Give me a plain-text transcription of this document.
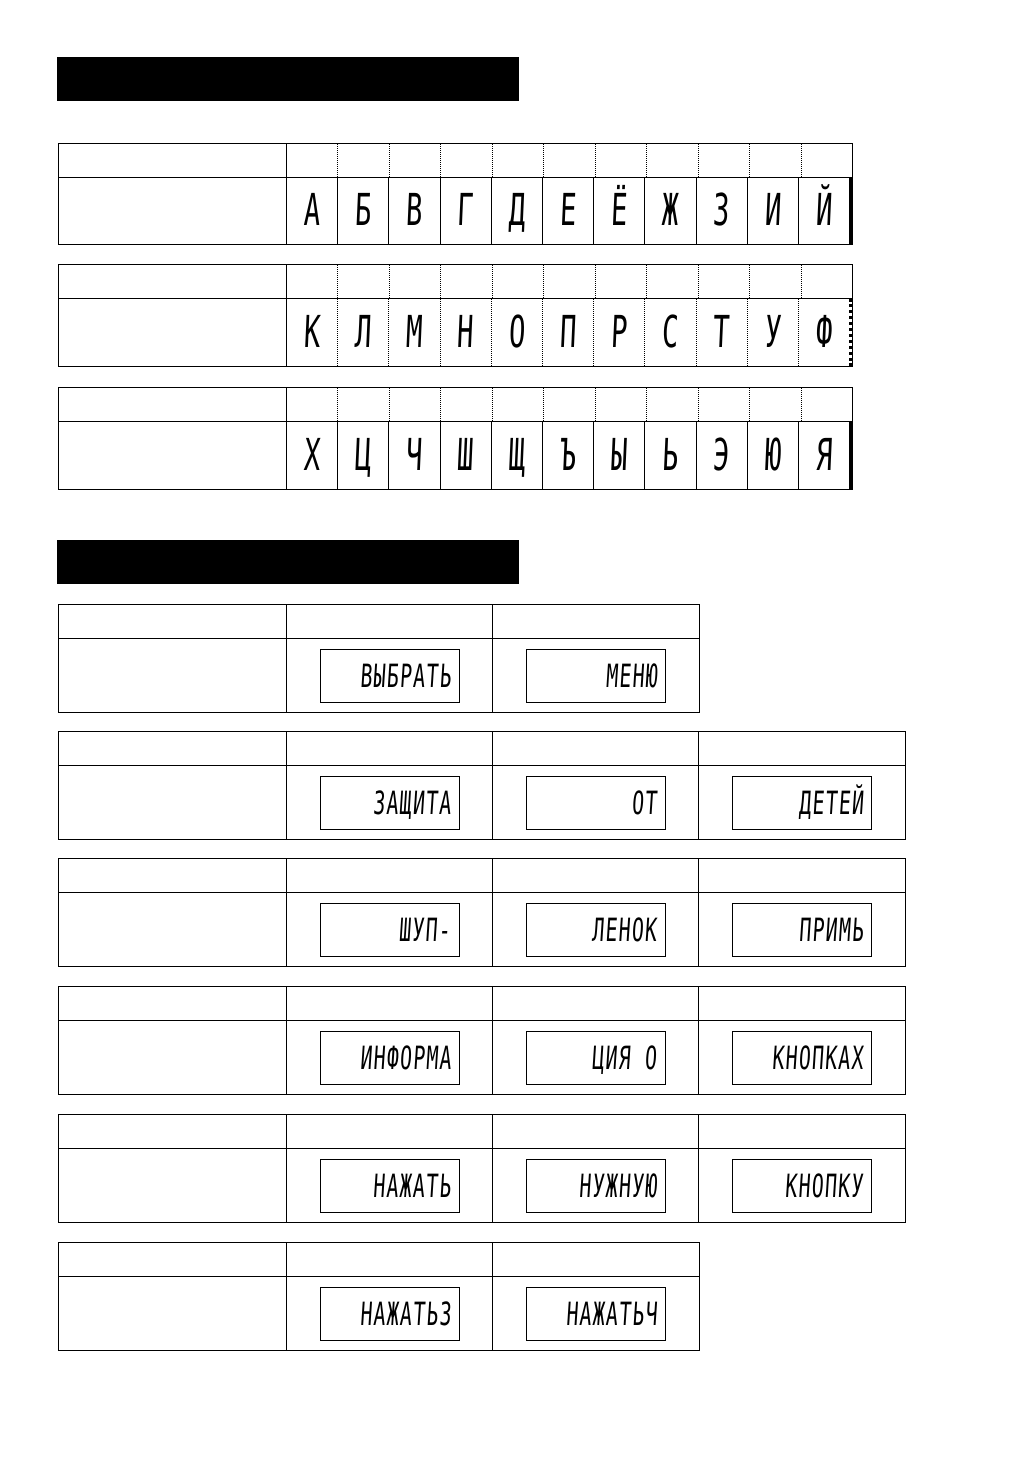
А Б В Г Д Е Ё Ж З И Й
К Л М Н О П Р С Т У Ф
Х Ц Ч Ш Щ Ъ Ы Ь Э Ю Я
ВЫБРАТЬ	МЕНЮ
ЗАЩИТА	ОТ	ДЕТЕЙ
ШУП-	ЛЕНОК	ПРИМЬ
ИНФОРМА	ЦИЯ О	КНОПКАХ
НАЖАТЬ	НУЖНУЮ	КНОПКУ
НАЖАТЬЗ	НАЖАТЬЧ
